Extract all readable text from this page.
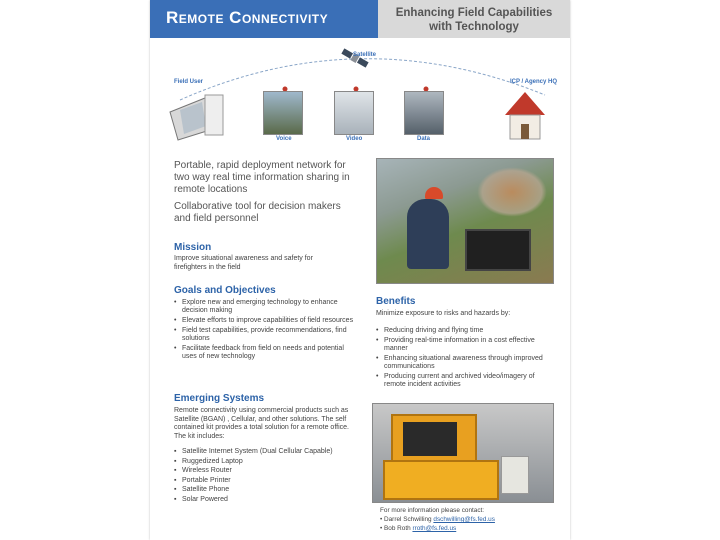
Remote Connectivity	Enhancing Field Capabilities
with Technology
Satellite
Field User	ICP / Agency HQ
Voice	Video	Data
Portable, rapid deployment network for
two way real time information sharing in
remote locations
Collaborative tool for decision makers
and field personnel
Mission
Improve situational awareness and safety for
firefighters in the field
Goals and Objectives
• Explore new and emerging technology to enhance decision making
• Elevate efforts to improve capabilities of field resources
• Field test capabilities, provide recommendations, find solutions
• Facilitate feedback from field on needs and potential uses of new technology
Emerging Systems
Remote connectivity using commercial products such as Satellite (BGAN) , Cellular, and other solutions. The self contained kit provides a total solution for a remote office. The kit includes:
▪ Satellite Internet System (Dual Cellular Capable)
▪ Ruggedized Laptop
▪ Wireless Router
▪ Portable Printer
▪ Satellite Phone
▪ Solar Powered
Benefits
Minimize exposure to risks and hazards by:
• Reducing driving and flying time
• Providing real-time information in a cost effective manner
• Enhancing situational awareness through improved communications
• Producing current and archived video/imagery of remote incident activities
For more information please contact:
• Darrel Schwilling dschwilling@fs.fed.us
• Bob Roth rroth@fs.fed.us
